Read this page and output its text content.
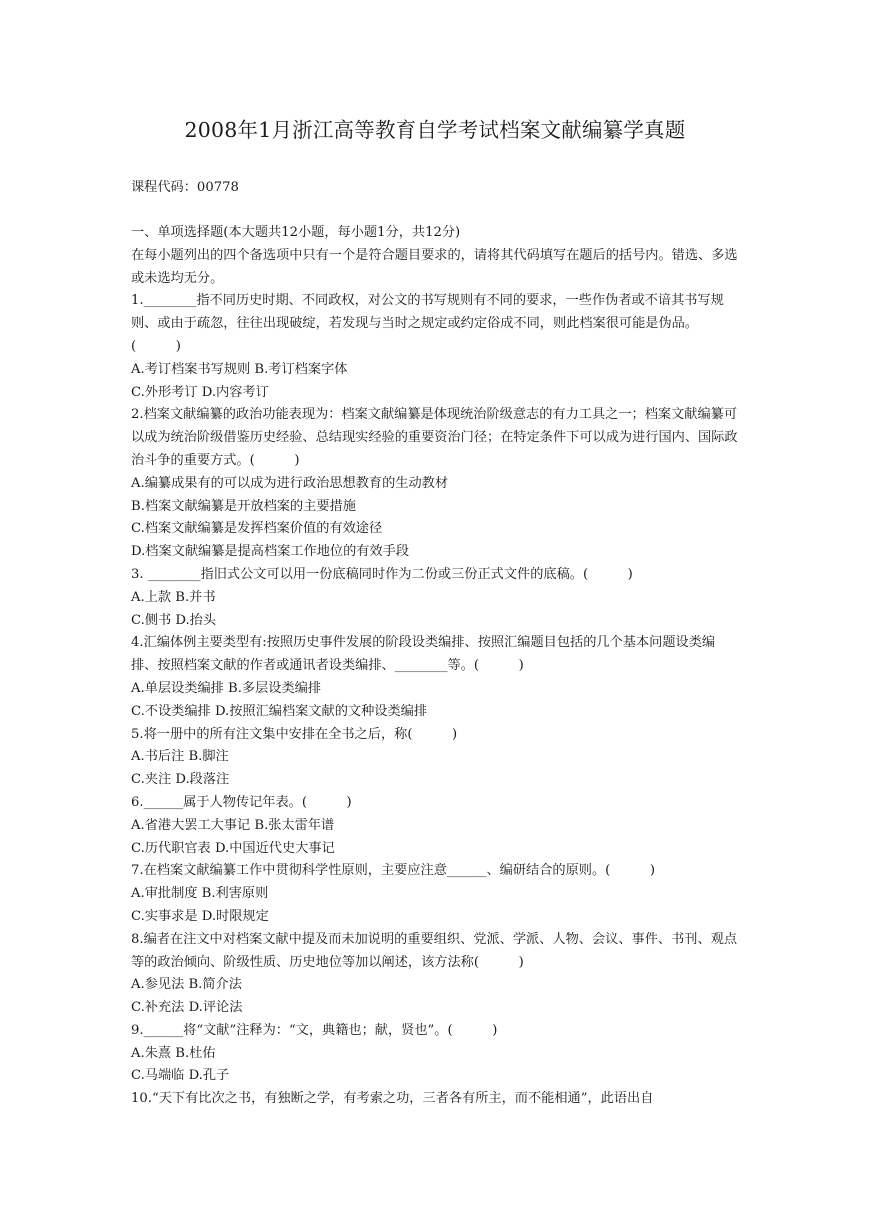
2008年1月浙江高等教育自学考试档案文献编纂学真题

课程代码：00778

一、单项选择题(本大题共12小题，每小题1分，共12分)

在每小题列出的四个备选项中只有一个是符合题目要求的，请将其代码填写在题后的括号内。错选、多选或未选均无分。

1.________指不同历史时期、不同政权，对公文的书写规则有不同的要求，一些作伪者或不谙其书写规则、或由于疏忽，往往出现破绽，若发现与当时之规定或约定俗成不同，则此档案很可能是伪品。(　　　)

A.考订档案书写规则 B.考订档案字体

C.外形考订 D.内容考订

2.档案文献编纂的政治功能表现为：档案文献编纂是体现统治阶级意志的有力工具之一；档案文献编纂可以成为统治阶级借鉴历史经验、总结现实经验的重要资治门径；在特定条件下可以成为进行国内、国际政治斗争的重要方式。(　　　)

A.编纂成果有的可以成为进行政治思想教育的生动教材

B.档案文献编纂是开放档案的主要措施

C.档案文献编纂是发挥档案价值的有效途径

D.档案文献编纂是提高档案工作地位的有效手段

3. ________指旧式公文可以用一份底稿同时作为二份或三份正式文件的底稿。(　　　)

A.上款 B.并书

C.侧书 D.抬头

4.汇编体例主要类型有:按照历史事件发展的阶段设类编排、按照汇编题目包括的几个基本问题设类编排、按照档案文献的作者或通讯者设类编排、________等。(　　　)

A.单层设类编排 B.多层设类编排

C.不设类编排 D.按照汇编档案文献的文种设类编排

5.将一册中的所有注文集中安排在全书之后，称(　　　)

A.书后注 B.脚注

C.夹注 D.段落注

6.______属于人物传记年表。(　　　)

A.省港大罢工大事记 B.张太雷年谱

C.历代职官表 D.中国近代史大事记

7.在档案文献编纂工作中贯彻科学性原则，主要应注意______、编研结合的原则。(　　　)

A.审批制度 B.利害原则

C.实事求是 D.时限规定

8.编者在注文中对档案文献中提及而未加说明的重要组织、党派、学派、人物、会议、事件、书刊、观点等的政治倾向、阶级性质、历史地位等加以阐述，该方法称(　　　)

A.参见法 B.简介法

C.补充法 D.评论法

9.______将“文献”注释为：“文，典籍也；献，贤也”。(　　　)

A.朱熹 B.杜佑

C.马端临 D.孔子

10.“天下有比次之书，有独断之学，有考索之功，三者各有所主，而不能相通”，此语出自
